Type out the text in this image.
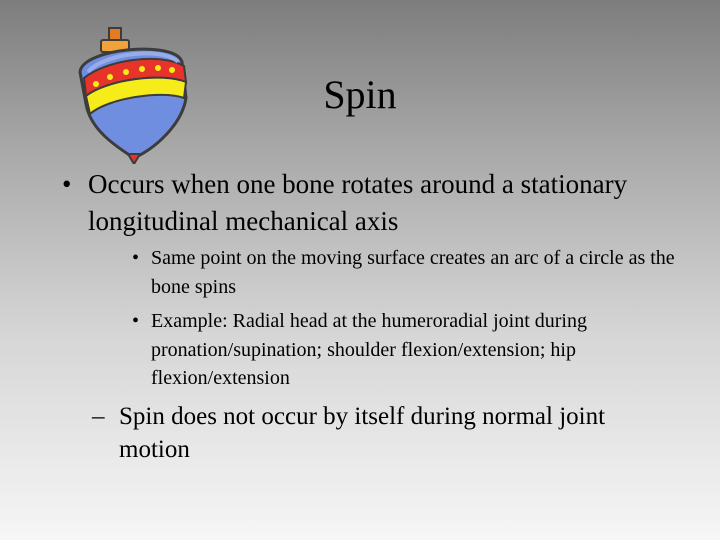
Spin
• Occurs when one bone rotates around a stationary longitudinal mechanical axis
• Same point on the moving surface creates an arc of a circle as the bone spins
• Example: Radial head at the humeroradial joint during pronation/supination; shoulder flexion/extension; hip flexion/extension
– Spin does not occur by itself during normal joint motion
